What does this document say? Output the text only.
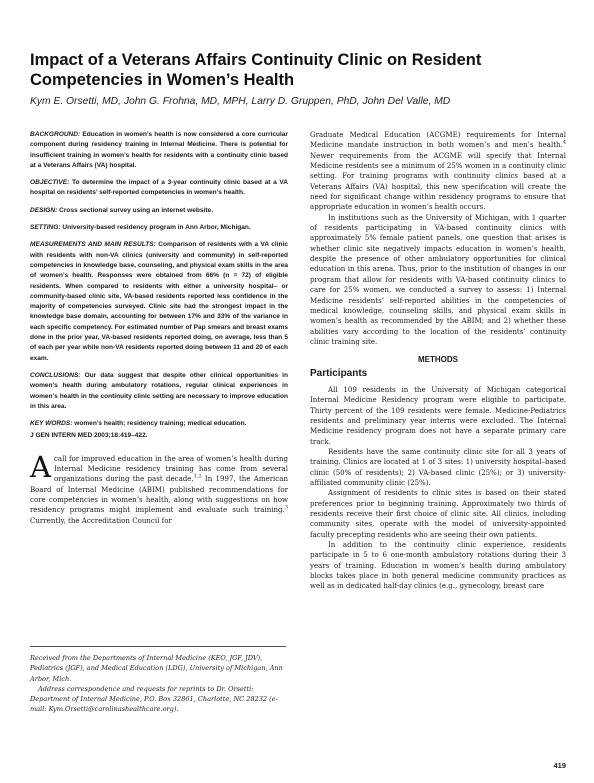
Impact of a Veterans Affairs Continuity Clinic on Resident Competencies in Women’s Health
Kym E. Orsetti, MD, John G. Frohna, MD, MPH, Larry D. Gruppen, PhD, John Del Valle, MD

BACKGROUND: Education in women’s health is now considered a core curricular component during residency training in Internal Medicine. There is potential for insufficient training in women’s health for residents with a continuity clinic based at a Veterans Affairs (VA) hospital.

OBJECTIVE: To determine the impact of a 3-year continuity clinic based at a VA hospital on residents’ self-reported competencies in women’s health.

DESIGN: Cross sectional survey using an internet website.

SETTING: University-based residency program in Ann Arbor, Michigan.

MEASUREMENTS AND MAIN RESULTS: Comparison of residents with a VA clinic with residents with non-VA clinics (university and community) in self-reported competencies in knowledge base, counseling, and physical exam skills in the area of women’s health. Responses were obtained from 66% (n = 72) of eligible residents. When compared to residents with either a university hospital– or community-based clinic site, VA-based residents reported less confidence in the majority of competencies surveyed. Clinic site had the strongest impact in the knowledge base domain, accounting for between 17% and 33% of the variance in each specific competency. For estimated number of Pap smears and breast exams done in the prior year, VA-based residents reported doing, on average, less than 5 of each per year while non-VA residents reported doing between 11 and 20 of each exam.

CONCLUSIONS: Our data suggest that despite other clinical opportunities in women’s health during ambulatory rotations, regular clinical experiences in women’s health in the continuity clinic setting are necessary to improve education in this area.

KEY WORDS: women’s health; residency training; medical education.

J GEN INTERN MED 2003;18:419–422.

A call for improved education in the area of women’s health during Internal Medicine residency training has come from several organizations during the past decade.$^{1,2}$ In 1997, the American Board of Internal Medicine (ABIM) published recommendations for core competencies in women’s health, along with suggestions on how residency programs might implement and evaluate such training.$^3$ Currently, the Accreditation Council for

Received from the Departments of Internal Medicine (KEO, JGF, JDV), Pediatrics (JGF), and Medical Education (LDG), University of Michigan, Ann Arbor, Mich.

Address correspondence and requests for reprints to Dr. Orsetti: Department of Internal Medicine, P.O. Box 32861, Charlotte, NC 28232 (e-mail: Kym.Orsetti@carolinashealthcare.org).

Graduate Medical Education (ACGME) requirements for Internal Medicine mandate instruction in both women’s and men’s health.$^4$ Newer requirements from the ACGME will specify that Internal Medicine residents see a minimum of 25% women in a continuity clinic setting. For training programs with continuity clinics based at a Veterans Affairs (VA) hospital, this new specification will create the need for significant change within residency programs to ensure that appropriate education in women’s health occurs.

In institutions such as the University of Michigan, with 1 quarter of residents participating in VA-based continuity clinics with approximately 5% female patient panels, one question that arises is whether clinic site negatively impacts education in women’s health, despite the presence of other ambulatory opportunities for clinical education in this arena. Thus, prior to the institution of changes in our program that allow for residents with VA-based continuity clinics to care for 25% women, we conducted a survey to assess: 1) Internal Medicine residents’ self-reported abilities in the competencies of medical knowledge, counseling skills, and physical exam skills in women’s health as recommended by the ABIM; and 2) whether these abilities vary according to the location of the residents’ continuity clinic training site.

METHODS
Participants

All 109 residents in the University of Michigan categorical Internal Medicine Residency program were eligible to participate. Thirty percent of the 109 residents were female. Medicine-Pediatrics residents and preliminary year interns were excluded. The Internal Medicine residency program does not have a separate primary care track.

Residents have the same continuity clinic site for all 3 years of training. Clinics are located at 1 of 3 sites: 1) university hospital–based clinic (50% of residents); 2) VA-based clinic (25%); or 3) university-affiliated community clinic (25%).

Assignment of residents to clinic sites is based on their stated preferences prior to beginning training. Approximately two thirds of residents receive their first choice of clinic site. All clinics, including community sites, operate with the model of university-appointed faculty precepting residents who are seeing their own patients.

In addition to the continuity clinic experience, residents participate in 5 to 6 one-month ambulatory rotations during their 3 years of training. Education in women’s health during ambulatory blocks takes place in both general medicine community practices as well as in dedicated half-day clinics (e.g., gynecology, breast care

419
